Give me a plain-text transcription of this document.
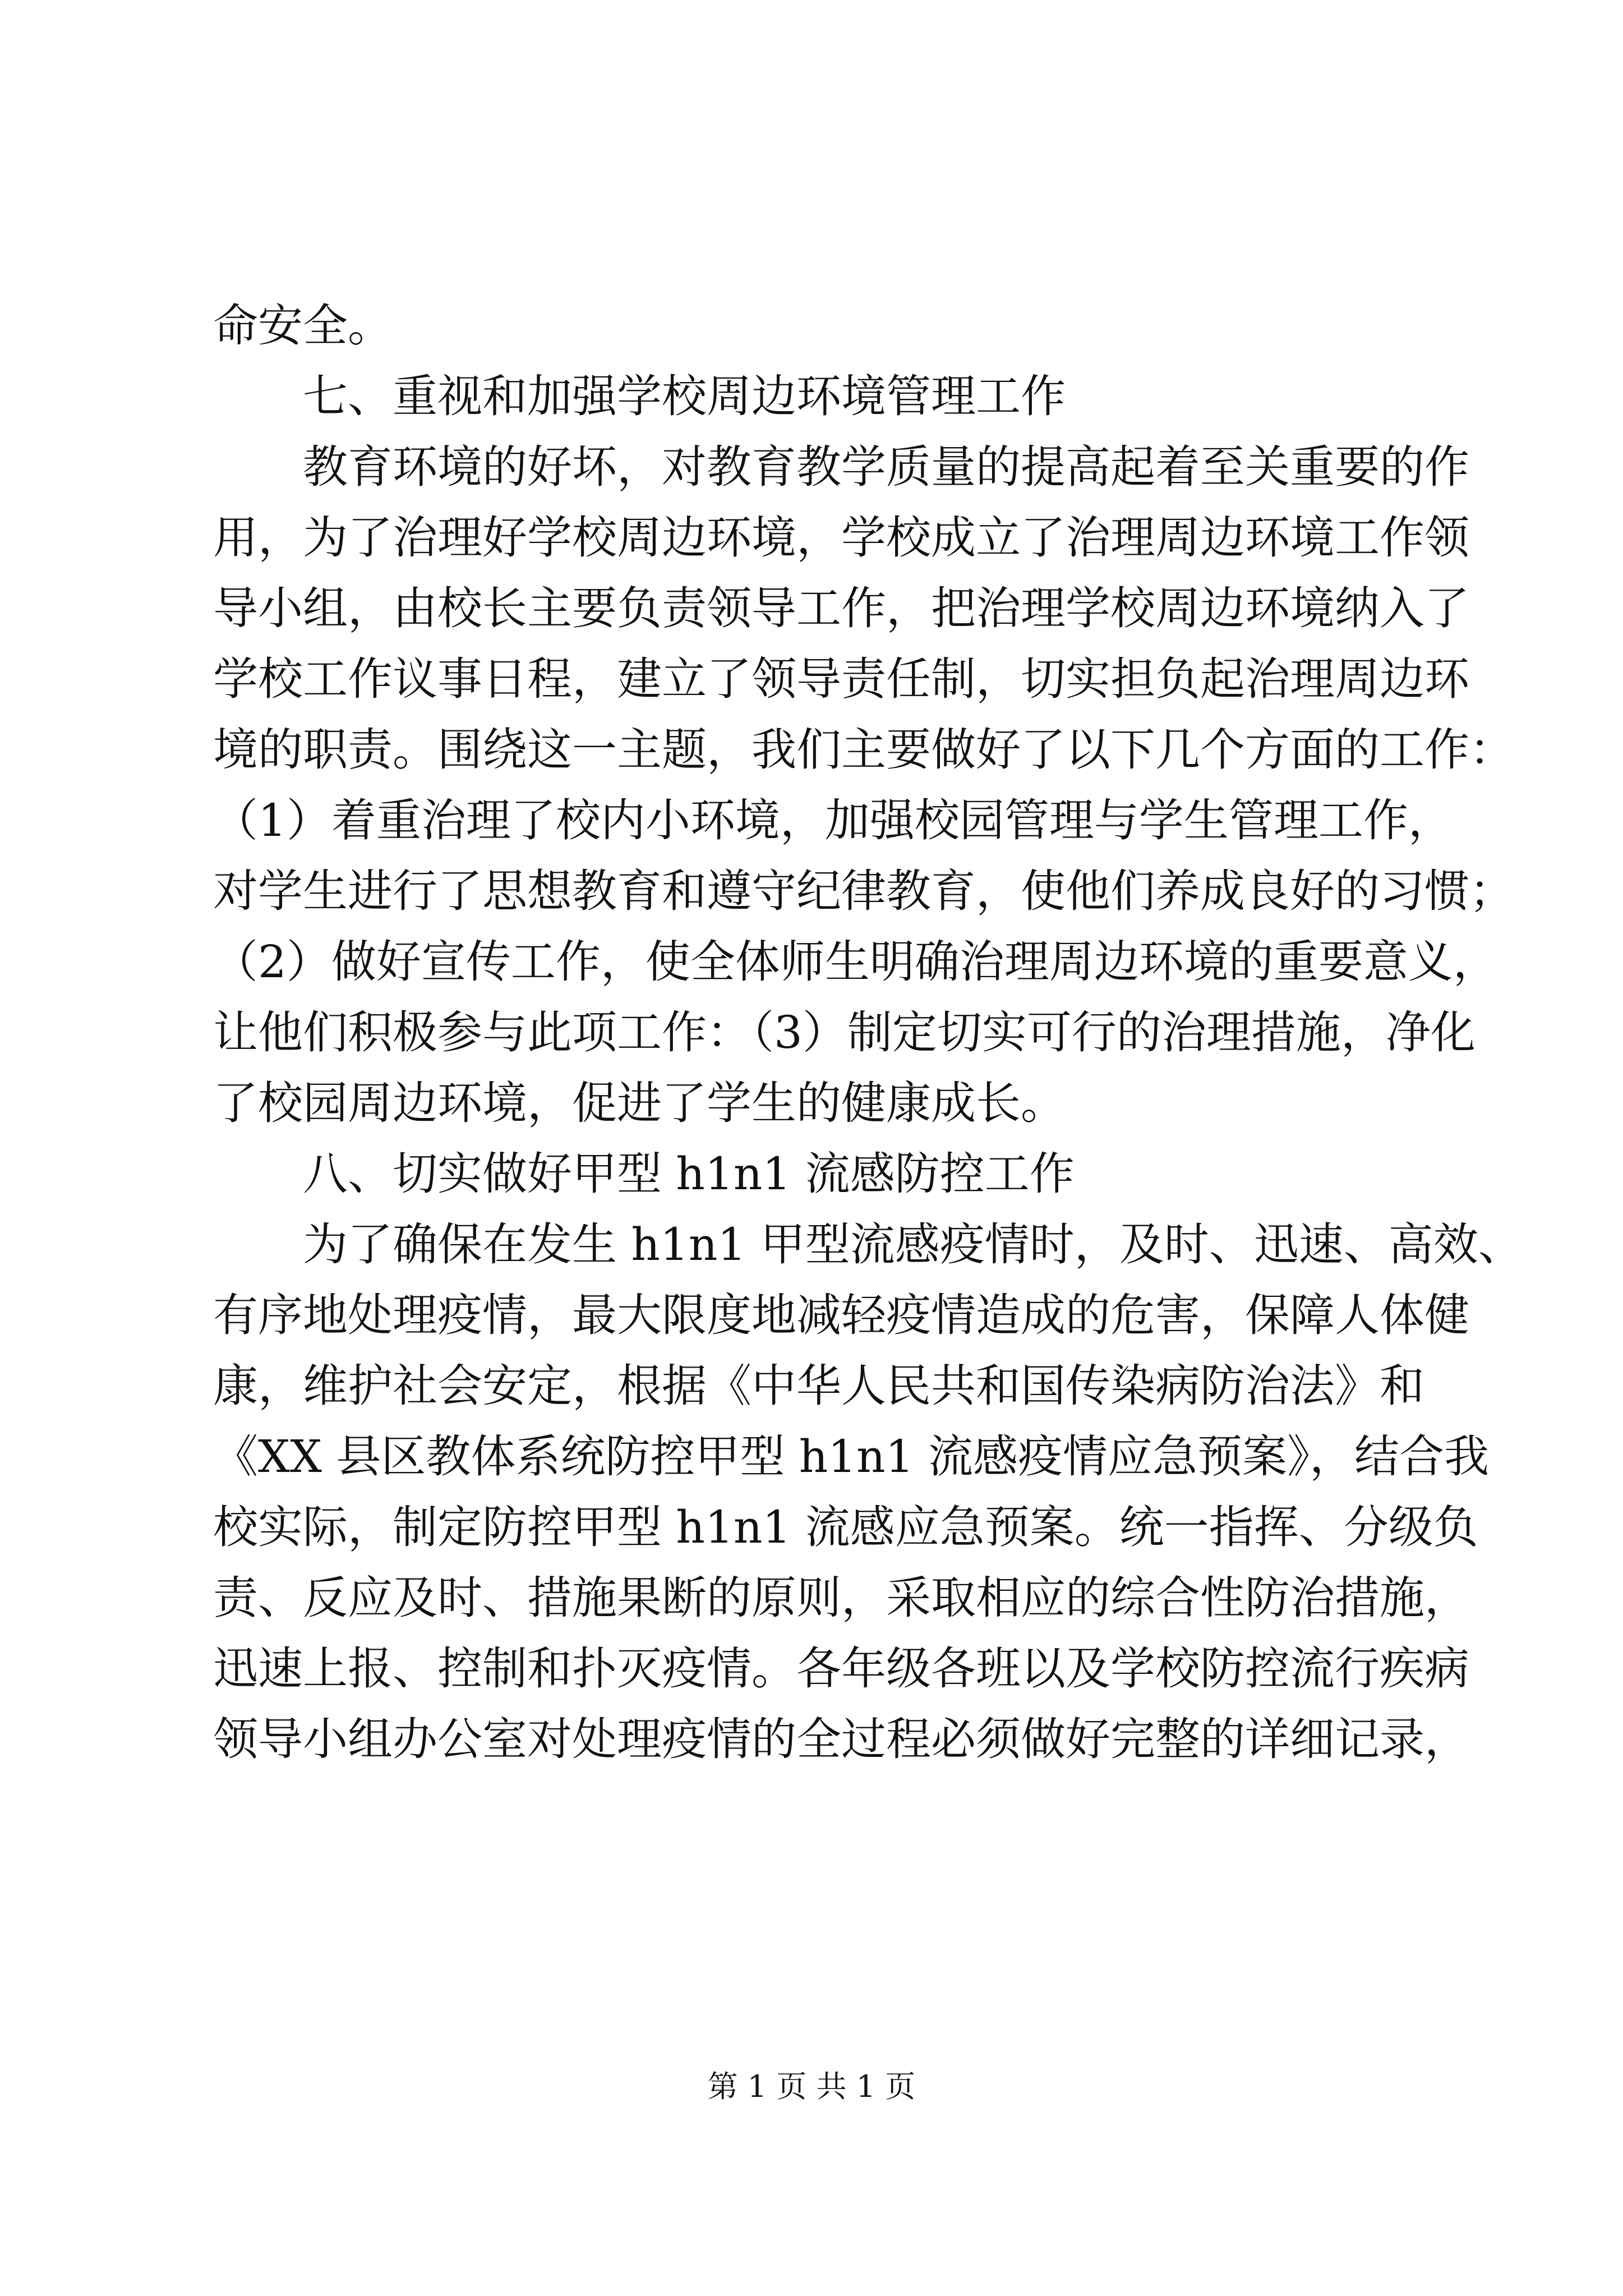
命安全。
七、重视和加强学校周边环境管理工作
教育环境的好坏，对教育教学质量的提高起着至关重要的作
用，为了治理好学校周边环境，学校成立了治理周边环境工作领
导小组，由校长主要负责领导工作，把治理学校周边环境纳入了
学校工作议事日程，建立了领导责任制，切实担负起治理周边环
境的职责。围绕这一主题，我们主要做好了以下几个方面的工作：
（1）着重治理了校内小环境，加强校园管理与学生管理工作，
对学生进行了思想教育和遵守纪律教育，使他们养成良好的习惯；
（2）做好宣传工作，使全体师生明确治理周边环境的重要意义，
让他们积极参与此项工作：（3）制定切实可行的治理措施，净化
了校园周边环境，促进了学生的健康成长。
八、切实做好甲型 h1n1 流感防控工作
为了确保在发生 h1n1 甲型流感疫情时，及时、迅速、高效、
有序地处理疫情，最大限度地减轻疫情造成的危害，保障人体健
康，维护社会安定，根据《中华人民共和国传染病防治法》和
《XX 县区教体系统防控甲型 h1n1 流感疫情应急预案》，结合我
校实际，制定防控甲型 h1n1 流感应急预案。统一指挥、分级负
责、反应及时、措施果断的原则，采取相应的综合性防治措施，
迅速上报、控制和扑灭疫情。各年级各班以及学校防控流行疾病
领导小组办公室对处理疫情的全过程必须做好完整的详细记录，
第 1 页 共 1 页
